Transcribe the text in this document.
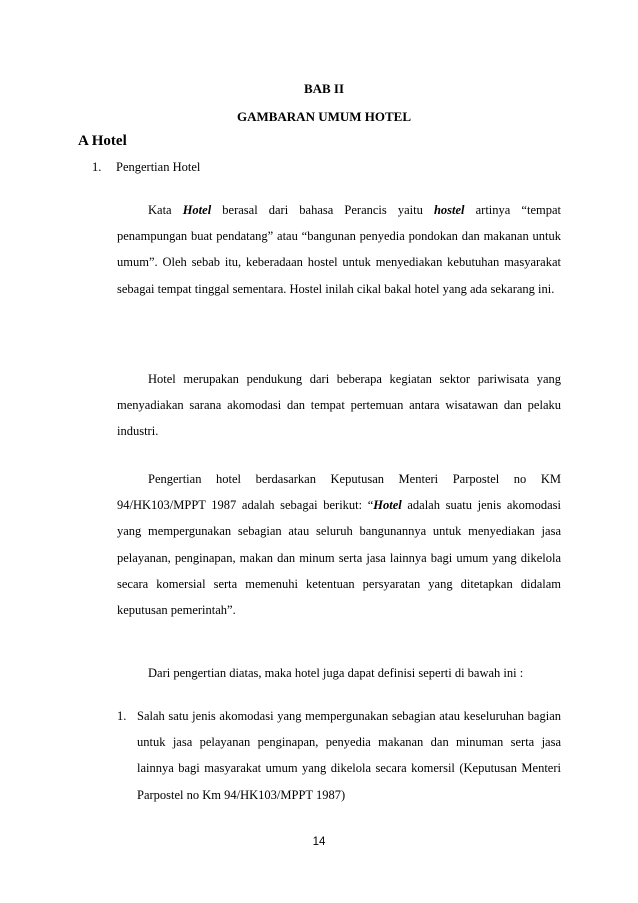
BAB II
GAMBARAN UMUM HOTEL
A Hotel
1. Pengertian Hotel

Kata Hotel berasal dari bahasa Perancis yaitu hostel artinya “tempat penampungan buat pendatang” atau “bangunan penyedia pondokan dan makanan untuk umum”. Oleh sebab itu, keberadaan hostel untuk menyediakan kebutuhan masyarakat sebagai tempat tinggal sementara. Hostel inilah cikal bakal hotel yang ada sekarang ini.

Hotel merupakan pendukung dari beberapa kegiatan sektor pariwisata yang menyadiakan sarana akomodasi dan tempat pertemuan antara wisatawan dan pelaku industri.

Pengertian hotel berdasarkan Keputusan Menteri Parpostel no KM 94/HK103/MPPT 1987 adalah sebagai berikut: “Hotel adalah suatu jenis akomodasi yang mempergunakan sebagian atau seluruh bangunannya untuk menyediakan jasa pelayanan, penginapan, makan dan minum serta jasa lainnya bagi umum yang dikelola secara komersial serta memenuhi ketentuan persyaratan yang ditetapkan didalam keputusan pemerintah”.

Dari pengertian diatas, maka hotel juga dapat definisi seperti di bawah ini :

1. Salah satu jenis akomodasi yang mempergunakan sebagian atau keseluruhan bagian untuk jasa pelayanan penginapan, penyedia makanan dan minuman serta jasa lainnya bagi masyarakat umum yang dikelola secara komersil (Keputusan Menteri Parpostel no Km 94/HK103/MPPT 1987)
14
